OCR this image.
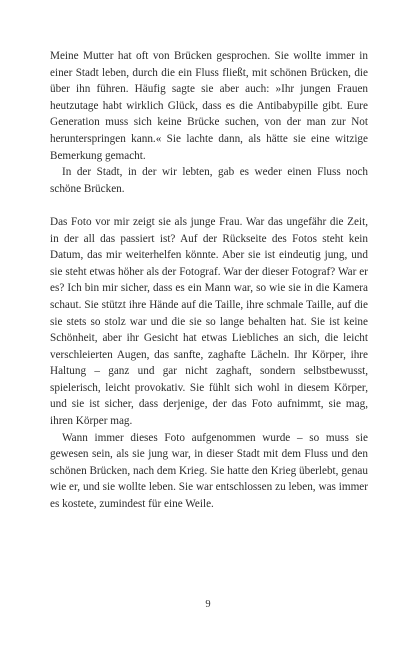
Meine Mutter hat oft von Brücken gesprochen. Sie wollte immer in einer Stadt leben, durch die ein Fluss fließt, mit schönen Brücken, die über ihn führen. Häufig sagte sie aber auch: »Ihr jungen Frauen heutzutage habt wirklich Glück, dass es die Antibabypille gibt. Eure Generation muss sich keine Brücke suchen, von der man zur Not herunterspringen kann.« Sie lachte dann, als hätte sie eine witzige Bemerkung gemacht.

In der Stadt, in der wir lebten, gab es weder einen Fluss noch schöne Brücken.

Das Foto vor mir zeigt sie als junge Frau. War das ungefähr die Zeit, in der all das passiert ist? Auf der Rückseite des Fotos steht kein Datum, das mir weiterhelfen könnte. Aber sie ist eindeutig jung, und sie steht etwas höher als der Fotograf. War der dieser Fotograf? War er es? Ich bin mir sicher, dass es ein Mann war, so wie sie in die Kamera schaut. Sie stützt ihre Hände auf die Taille, ihre schmale Taille, auf die sie stets so stolz war und die sie so lange behalten hat. Sie ist keine Schönheit, aber ihr Gesicht hat etwas Liebliches an sich, die leicht verschleierten Augen, das sanfte, zaghafte Lächeln. Ihr Körper, ihre Haltung – ganz und gar nicht zaghaft, sondern selbstbewusst, spielerisch, leicht provokativ. Sie fühlt sich wohl in diesem Körper, und sie ist sicher, dass derjenige, der das Foto aufnimmt, sie mag, ihren Körper mag.

Wann immer dieses Foto aufgenommen wurde – so muss sie gewesen sein, als sie jung war, in dieser Stadt mit dem Fluss und den schönen Brücken, nach dem Krieg. Sie hatte den Krieg überlebt, genau wie er, und sie wollte leben. Sie war entschlossen zu leben, was immer es kostete, zumindest für eine Weile.

9
